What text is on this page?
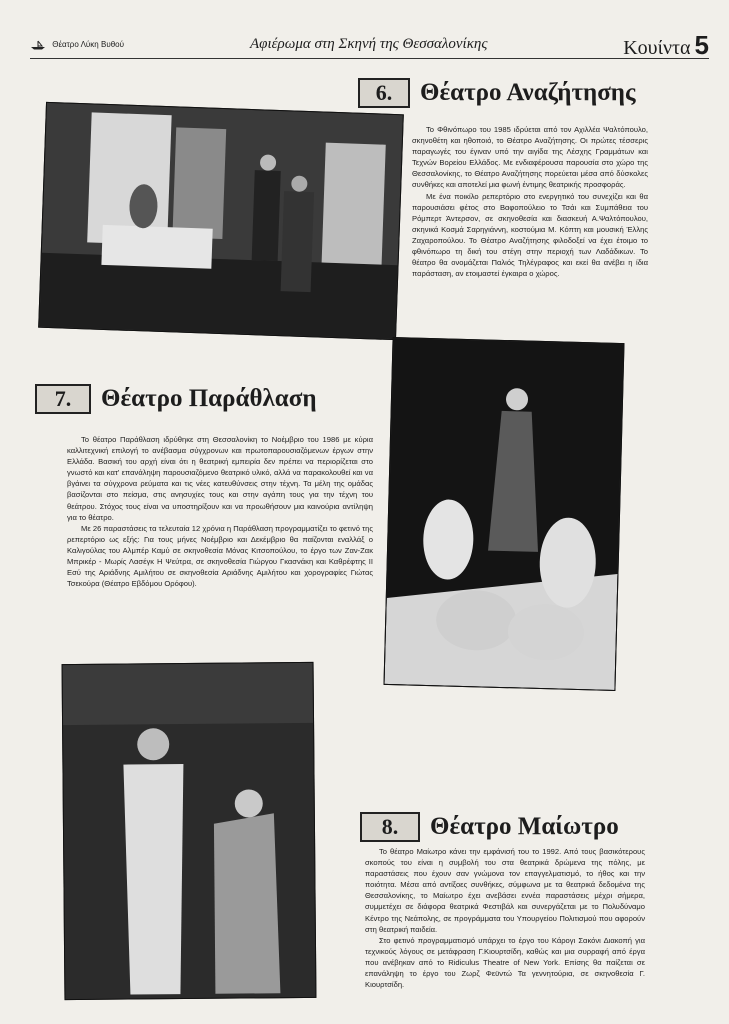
Θέατρο Λύκη Βυθού	Αφιέρωμα στη Σκηνή της Θεσσαλονίκης	Κουίντα 5
6.	Θέατρο Αναζήτησης

Το Φθινόπωρο του 1985 ιδρύεται από τον Αχιλλέα Ψαλτόπουλο, σκηνοθέτη και ηθοποιό, το Θέατρο Αναζήτησης. Οι πρώτες τέσσερις παραγωγές του έγιναν υπό την αιγίδα της Λέσχης Γραμμάτων και Τεχνών Βορείου Ελλάδος. Με ενδιαφέρουσα παρουσία στο χώρο της Θεσσαλονίκης, το Θέατρο Αναζήτησης πορεύεται μέσα από δύσκολες συνθήκες και αποτελεί μια φωνή έντιμης θεατρικής προσφοράς.

Με ένα ποικίλο ρεπερτόριο στο ενεργητικό του συνεχίζει και θα παρουσιάσει φέτος στο Βαφοπούλειο το Τσάι και Συμπάθεια του Ρόμπερτ Άντερσον, σε σκηνοθεσία και διασκευή Α.Ψαλτόπουλου, σκηνικά Κοσμά Σαρηγιάννη, κοστούμια Μ. Κόπτη και μουσική Έλλης Ζαχαροπούλου. Το Θέατρο Αναζήτησης φιλοδοξεί να έχει έτοιμο το φθινόπωρο τη δική του στέγη στην περιοχή των Λαδάδικων. Το θέατρο θα ονομάζεται Παλιός Τηλέγραφος και εκεί θα ανέβει η ίδια παράσταση, αν ετοιμαστεί έγκαιρα ο χώρος.

7.	Θέατρο Παράθλαση

Το θέατρο Παράθλαση ιδρύθηκε στη Θεσσαλονίκη το Νοέμβριο του 1986 με κύρια καλλιτεχνική επιλογή το ανέβασμα σύγχρονων και πρωτοπαρουσιαζόμενων έργων στην Ελλάδα. Βασική του αρχή είναι ότι η θεατρική εμπειρία δεν πρέπει να περιορίζεται στο γνωστό και κατ' επανάληψη παρουσιαζόμενο θεατρικό υλικό, αλλά να παρακολουθεί και να βγάινει τα σύγχρονα ρεύματα και τις νέες κατευθύνσεις στην τέχνη. Τα μέλη της ομάδας βασίζονται στο πείσμα, στις ανησυχίες τους και στην αγάπη τους για την τέχνη του θεάτρου. Στόχος τους είναι να υποστηρίξουν και να προωθήσουν μια καινούρια αντίληψη για το θέατρο.

Με 26 παραστάσεις τα τελευταία 12 χρόνια η Παράθλαση προγραμματίζει το φετινό της ρεπερτόριο ως εξής: Για τους μήνες Νοέμβριο και Δεκέμβριο θα παίζονται εναλλάξ ο Καλιγούλας του Αλμπέρ Καμύ σε σκηνοθεσία Μόνας Κιτσοπούλου, το έργο των Ζαν-Ζακ Μπρικέρ - Μωρίς Λασέγκ Η Ψεύτρα, σε σκηνοθεσία Γιώργου Γκασνάκη και Καθρέφτης ΙΙ Εσύ της Αριάδνης Αμιλήτου σε σκηνοθεσία Αριάδνης Αμιλήτου και χορογραφίες Γιώτας Τσεκούρα (Θέατρο Εβδόμου Ορόφου).

8.	Θέατρο Μαίωτρο

Το θέατρο Μαίωτρο κάνει την εμφάνισή του το 1992. Από τους βασικότερους σκοπούς του είναι η συμβολή του στα θεατρικά δρώμενα της πόλης, με παραστάσεις που έχουν σαν γνώμονα τον επαγγελματισμό, το ήθος και την ποιότητα. Μέσα από αντίξοες συνθήκες, σύμφωνα με τα θεατρικά δεδομένα της Θεσσαλονίκης, το Μαίωτρο έχει ανεβάσει εννέα παραστάσεις μέχρι σήμερα, συμμετέχει σε διάφορα θεατρικά Φεστιβάλ και συνεργάζεται με το Πολυδύναμο Κέντρο της Νεάπολης, σε προγράμματα του Υπουργείου Πολιτισμού που αφορούν στη θεατρική παιδεία.

Στο φετινό προγραμματισμό υπάρχει το έργο του Κάρογι Σακόνι Διακοπή για τεχνικούς λόγους σε μετάφραση Γ.Κιουρτσίδη, καθώς και μια συρραφή από έργα που ανέβηκαν από το Ridiculus Theatre of New York. Επίσης θα παίζεται σε επανάληψη το έργο του Ζωρζ Φεϋντώ Τα γεννητούρια, σε σκηνοθεσία Γ. Κιουρτσίδη.
